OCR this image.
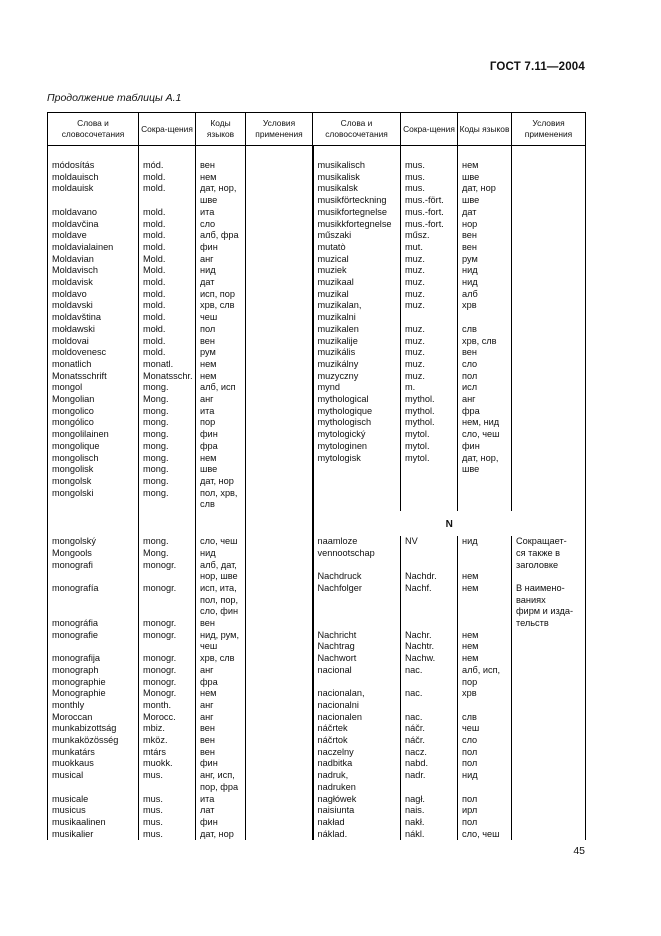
ГОСТ 7.11—2004
Продолжение таблицы А.1
Слова и словосочетания	Сокра-щения	Коды языков	Условия применения	Слова и словосочетания	Сокра-щения	Коды языков	Условия применения

módosítás	mód.	вен		musikalisch	mus.	нем	
moldauisch	mold.	нем		musikalisk	mus.	шве	
moldauisk	mold.	дат, нор,		musikalsk	mus.	дат, нор	
		шве		musikförteckning	mus.-fört.	шве	
moldavano	mold.	ита		musikfortegnelse	mus.-fort.	дат	
moldavčina	mold.	сло		musikkfortegnelse	mus.-fort.	нор	
moldave	mold.	алб, фра		műszaki	műsz.	вен	
moldavialainen	mold.	фин		mutatò	mut.	вен	
Moldavian	Mold.	анг		muzical	muz.	рум	
Moldavisch	Mold.	нид		muziek	muz.	нид	
moldavisk	mold.	дат		muzikaal	muz.	нид	
moldavo	mold.	исп, пор		muzikal	muz.	алб	
moldavski	mold.	хрв, слв		muzikalan,	muz.	хрв	
moldavština	mold.	чеш		muzikalni			
mołdawski	mołd.	пол		muzikalen	muz.	слв	
moldovai	mold.	вен		muzikalije	muz.	хрв, слв	
moldovenesc	mold.	рум		muzikális	muz.	вен	
monatlich	monatl.	нем		muzikálny	muz.	сло	
Monatsschrift	Monatsschr.	нем		muzyczny	muz.	пол	
mongol	mong.	алб, исп		mynd	m.	исл	
Mongolian	Mong.	анг		mythological	mythol.	анг	
mongolico	mong.	ита		mythologique	mythol.	фра	
mongólico	mong.	пор		mythologisch	mythol.	нем, нид	
mongolilainen	mong.	фин		mytologický	mytol.	сло, чеш	
mongolique	mong.	фра		mytologinen	mytol.	фин	
mongolisch	mong.	нем		mytologisk	mytol.	дат, нор,	
mongolisk	mong.	шве				шве	
mongolsk	mong.	дат, нор					
mongolski	mong.	пол, хрв,					
		слв					
				N			
mongolský	mong.	сло, чеш		naamloze	NV	нид	Сокращает-
Mongools	Mong.	нид		vennootschap			ся также в
monografi	monogr.	алб, дат,					заголовке
		нор, шве		Nachdruck	Nachdr.	нем	
monografía	monogr.	исп, ита,		Nachfolger	Nachf.	нем	В наимено-
		пол, пор,					ваниях
		сло, фин					фирм и изда-
monográfia	monogr.	вен					тельств
monografie	monogr.	нид, рум,		Nachricht	Nachr.	нем	
		чеш		Nachtrag	Nachtr.	нем	
monografija	monogr.	хрв, слв		Nachwort	Nachw.	нем	
monograph	monogr.	анг		nacional	nac.	алб, исп,	
monographie	monogr.	фра				пор	
Monographie	Monogr.	нем		nacionalan,	nac.	хрв	
monthly	month.	анг		nacionalni			
Moroccan	Morocc.	анг		nacionalen	nac.	слв	
munkabizottság	mbiz.	вен		náčrtek	náčr.	чеш	
munkaközösség	mköz.	вен		náčrtok	náčr.	сло	
munkatárs	mtárs	вен		naczelny	nacz.	пол	
muokkaus	muokk.	фин		nadbitka	nabd.	пол	
musical	mus.	анг, исп,		nadruk,	nadr.	нид	
		пор, фра		nadruken			
musicale	mus.	ита		nagłówek	nagł.	пол	
musicus	mus.	лат		naisiunta	nais.	ирл	
musikaalinen	mus.	фин		nakład	nakł.	пол	
musikalier	mus.	дат, нор		náklad.	nákl.	сло, чеш	
45
